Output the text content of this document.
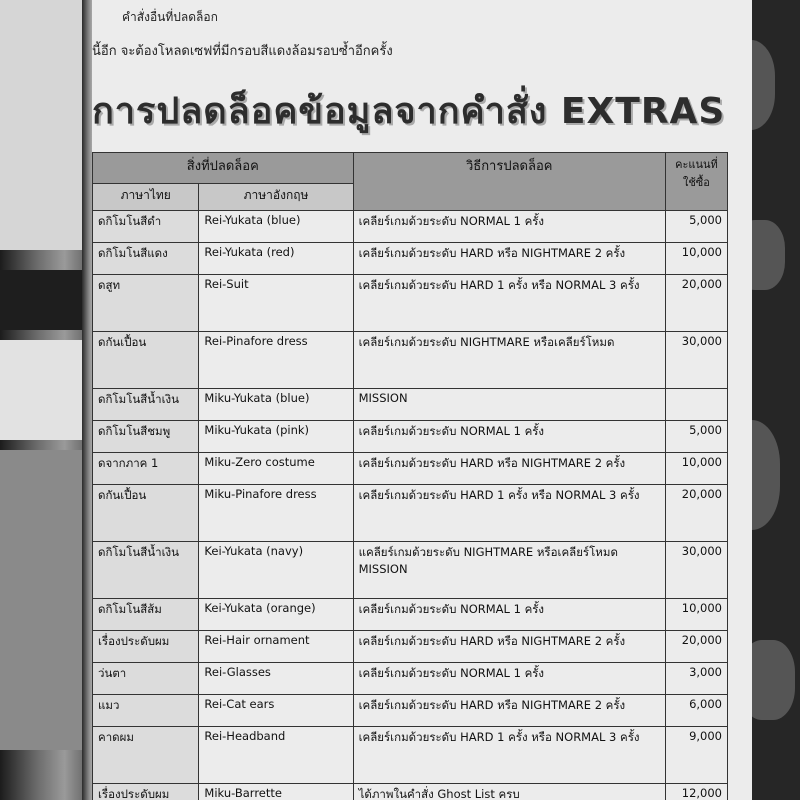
คำสั่งอื่นที่ปลดล็อก
นี้อีก จะต้องโหลดเซฟที่มีกรอบสีแดงล้อมรอบซ้ำอีกครั้ง
การปลดล็อคข้อมูลจากคำสั่ง EXTRAS
สิ่งที่ปลดล็อค		วิธีการปลดล็อค	คะแนนที่ใช้ซื้อ
ภาษาไทย	ภาษาอังกฤษ		
ดกิโมโนสีดำ	Rei-Yukata (blue)	เคลียร์เกมด้วยระดับ NORMAL 1 ครั้ง	5,000
ดกิโมโนสีแดง	Rei-Yukata (red)	เคลียร์เกมด้วยระดับ HARD หรือ NIGHTMARE 2 ครั้ง	10,000
ดสูท	Rei-Suit	เคลียร์เกมด้วยระดับ HARD 1 ครั้ง หรือ NORMAL 3 ครั้ง	20,000
ดกันเปื้อน	Rei-Pinafore dress	เคลียร์เกมด้วยระดับ NIGHTMARE หรือเคลียร์โหมด	30,000
ดกิโมโนสีน้ำเงิน	Miku-Yukata (blue)	MISSION	
ดกิโมโนสีชมพู	Miku-Yukata (pink)	เคลียร์เกมด้วยระดับ NORMAL 1 ครั้ง	5,000
ดจากภาค 1	Miku-Zero costume	เคลียร์เกมด้วยระดับ HARD หรือ NIGHTMARE 2 ครั้ง	10,000
ดกันเปื้อน	Miku-Pinafore dress	เคลียร์เกมด้วยระดับ HARD 1 ครั้ง หรือ NORMAL 3 ครั้ง	20,000
ดกิโมโนสีน้ำเงิน	Kei-Yukata (navy)	แคลียร์เกมด้วยระดับ NIGHTMARE หรือเคลียร์โหมด MISSION	30,000
ดกิโมโนสีส้ม	Kei-Yukata (orange)	เคลียร์เกมด้วยระดับ NORMAL 1 ครั้ง	10,000
เรื่องประดับผม	Rei-Hair ornament	เคลียร์เกมด้วยระดับ HARD หรือ NIGHTMARE 2 ครั้ง	20,000
ว่นตา	Rei-Glasses	เคลียร์เกมด้วยระดับ NORMAL 1 ครั้ง	3,000
แมว	Rei-Cat ears	เคลียร์เกมด้วยระดับ HARD หรือ NIGHTMARE 2 ครั้ง	6,000
คาดผม	Rei-Headband	เคลียร์เกมด้วยระดับ HARD 1 ครั้ง หรือ NORMAL 3 ครั้ง	9,000
เรื่องประดับผม	Miku-Barrette	ได้ภาพในคำสั่ง Ghost List ครบ	12,000
